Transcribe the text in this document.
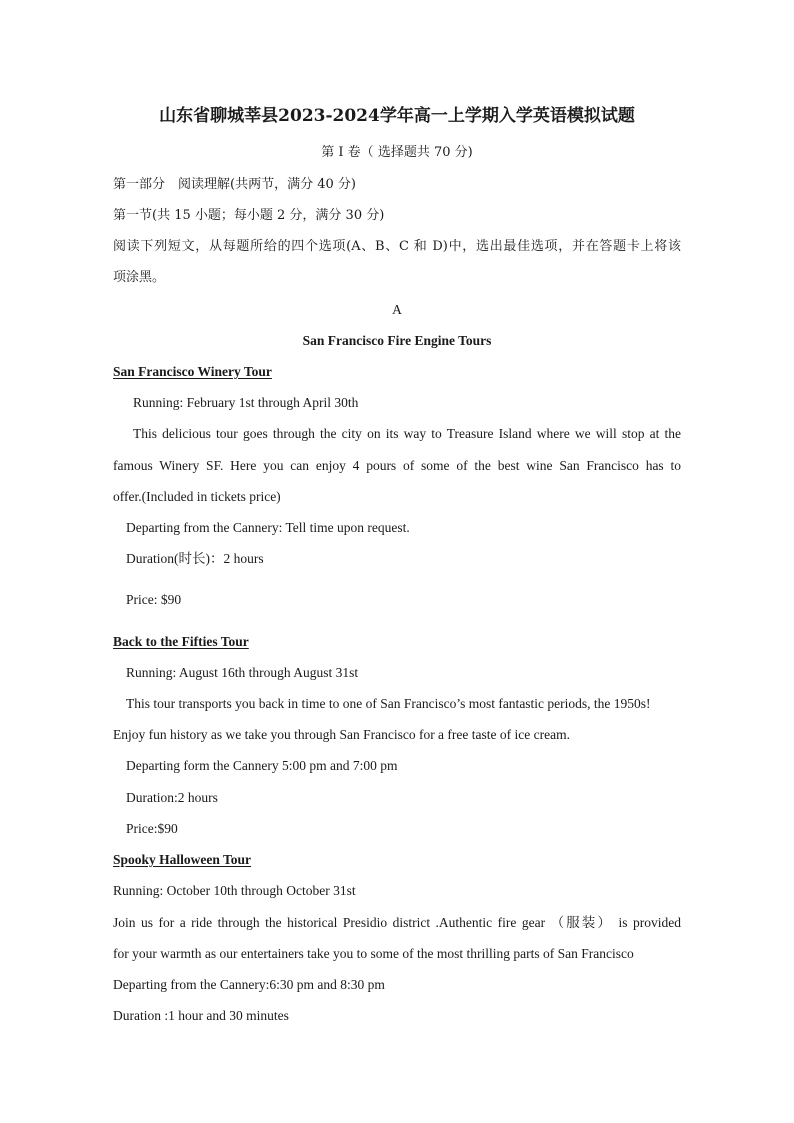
山东省聊城莘县2023-2024学年高一上学期入学英语模拟试题
第 I 卷（ 选择题共 70 分)
第一部分　阅读理解(共两节，满分 40 分)
第一节(共 15 小题；每小题 2 分，满分 30 分)
阅读下列短文，从每题所给的四个选项(A、B、C 和 D)中，选出最佳选项，并在答题卡上将该
项涂黑。
A
San Francisco Fire Engine Tours
San Francisco Winery Tour
Running: February 1st through April 30th
This delicious tour goes through the city on its way to Treasure Island where we will stop at the
famous Winery SF. Here you can enjoy 4 pours of some of the best wine San Francisco has to
offer.(Included in tickets price)
Departing from the Cannery: Tell time upon request.
Duration(时长)：2 hours
Price: $90
Back to the Fifties Tour
Running: August 16th through August 31st
This tour transports you back in time to one of San Francisco’s most fantastic periods, the 1950s!
Enjoy fun history as we take you through San Francisco for a free taste of ice cream.
Departing form the Cannery 5:00 pm and 7:00 pm
Duration:2 hours
Price:$90
Spooky Halloween Tour
Running: October 10th through October 31st
Join us for a ride through the historical Presidio district .Authentic fire gear （服装） is provided
for your warmth as our entertainers take you to some of the most thrilling parts of San Francisco
Departing from the Cannery:6:30 pm and 8:30 pm
Duration :1 hour and 30 minutes
